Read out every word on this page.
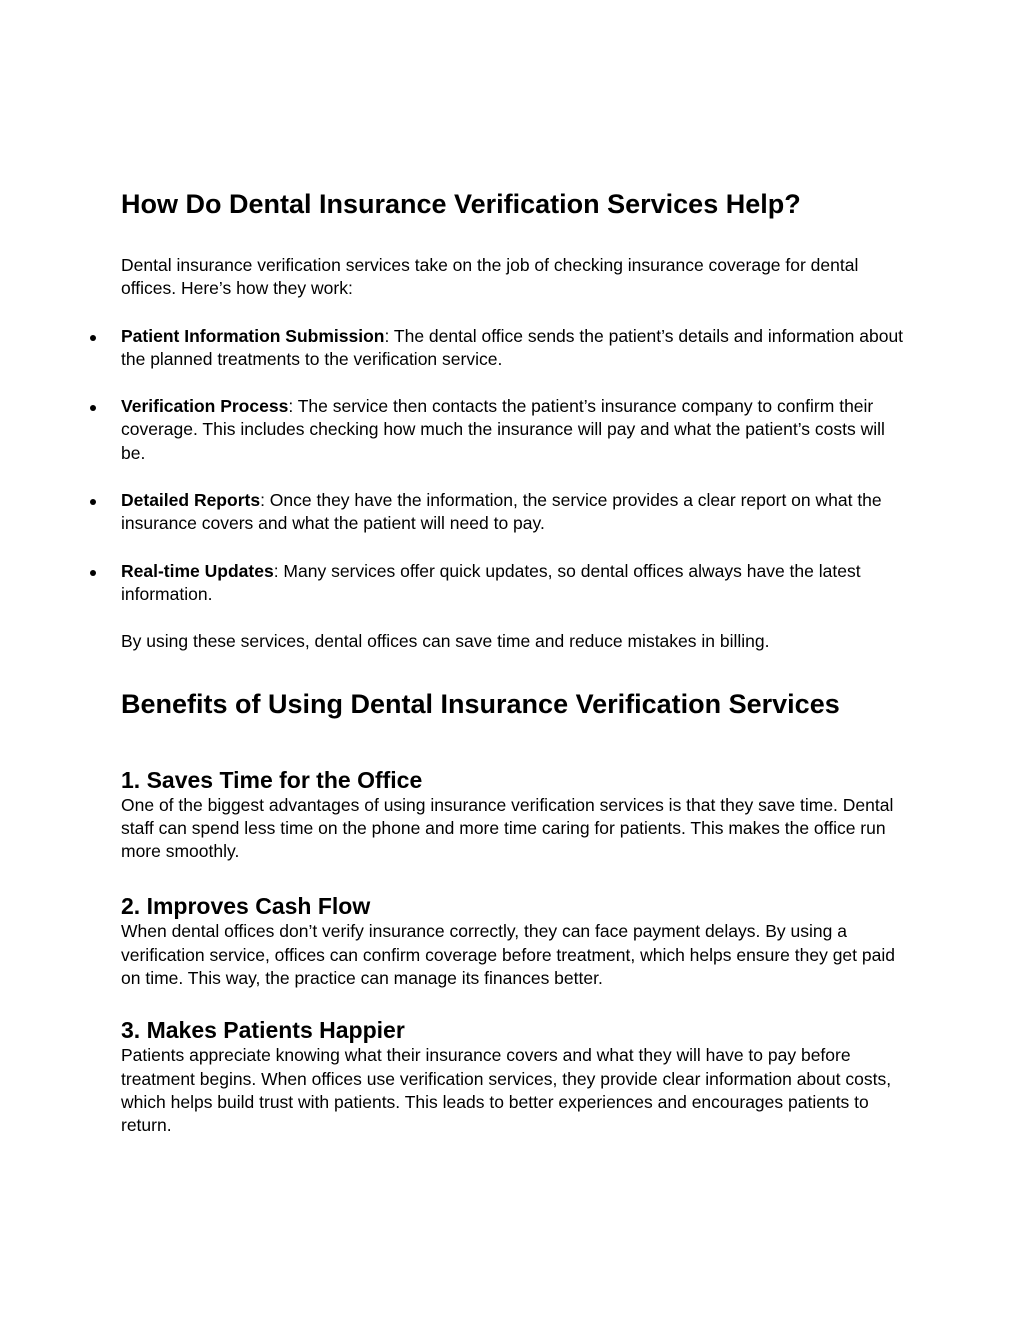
How Do Dental Insurance Verification Services Help?

Dental insurance verification services take on the job of checking insurance coverage for dental offices. Here’s how they work:

Patient Information Submission: The dental office sends the patient’s details and information about the planned treatments to the verification service.
Verification Process: The service then contacts the patient’s insurance company to confirm their coverage. This includes checking how much the insurance will pay and what the patient’s costs will be.
Detailed Reports: Once they have the information, the service provides a clear report on what the insurance covers and what the patient will need to pay.
Real-time Updates: Many services offer quick updates, so dental offices always have the latest information.

By using these services, dental offices can save time and reduce mistakes in billing.

Benefits of Using Dental Insurance Verification Services
1. Saves Time for the Office

One of the biggest advantages of using insurance verification services is that they save time. Dental staff can spend less time on the phone and more time caring for patients. This makes the office run more smoothly.

2. Improves Cash Flow

When dental offices don’t verify insurance correctly, they can face payment delays. By using a verification service, offices can confirm coverage before treatment, which helps ensure they get paid on time. This way, the practice can manage its finances better.

3. Makes Patients Happier

Patients appreciate knowing what their insurance covers and what they will have to pay before treatment begins. When offices use verification services, they provide clear information about costs, which helps build trust with patients. This leads to better experiences and encourages patients to return.
